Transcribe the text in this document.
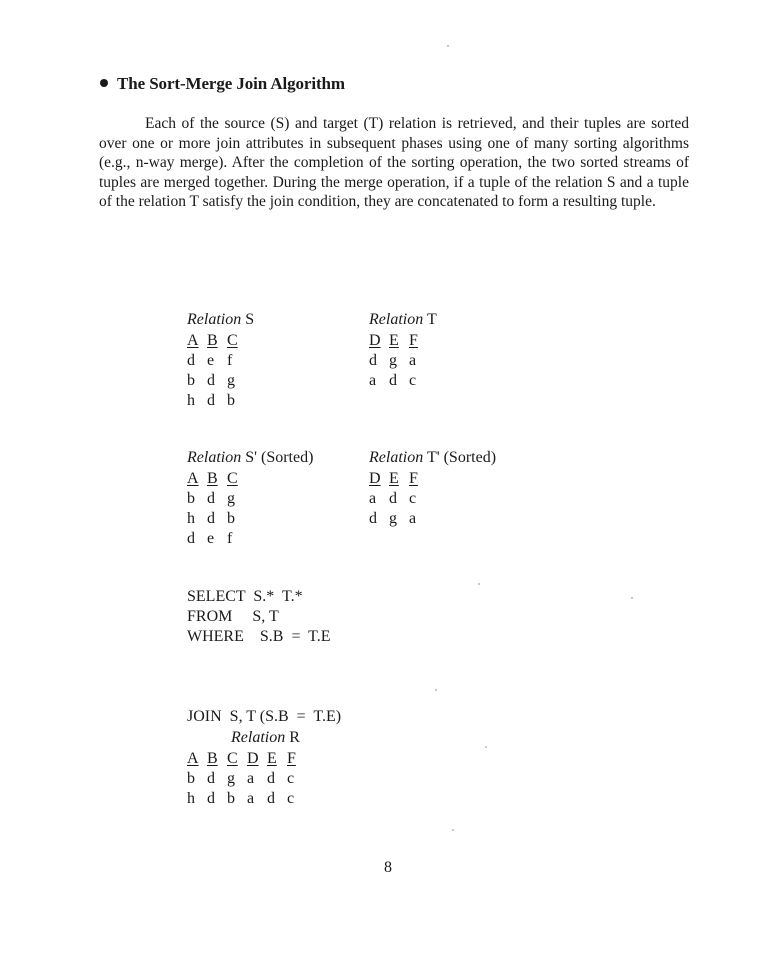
The Sort-Merge Join Algorithm

Each of the source (S) and target (T) relation is retrieved, and their tuples are sorted over one or more join attributes in subsequent phases using one of many sorting algorithms (e.g., n-way merge). After the completion of the sorting operation, the two sorted streams of tuples are merged together. During the merge operation, if a tuple of the relation S and a tuple of the relation T satisfy the join condition, they are concatenated to form a resulting tuple.

Relation S
A B C
d e f
b d g
h d b
Relation T
D E F
d g a
a d c
Relation S' (Sorted)
A B C
b d g
h d b
d e f
Relation T' (Sorted)
D E F
a d c
d g a
SELECT  S.*  T.*
FROM     S, T
WHERE    S.B  =  T.E
JOIN  S, T (S.B  =  T.E)
Relation R
A B C D E F
b d g a d c
h d b a d c
8
